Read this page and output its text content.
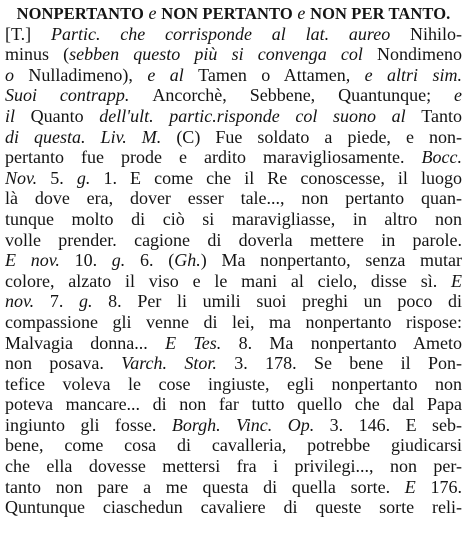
NONPERTANTO e NON PERTANTO e NON PER TANTO.
[T.] Partic. che corrisponde al lat. aureo Nihilo-
minus (sebben questo più si convenga col Nondimeno
o Nulladimeno), e al Tamen o Attamen, e altri sim.
Suoi contrapp. Ancorchè, Sebbene, Quantunque; e
il Quanto dell'ult. partic.risponde col suono al Tanto
di questa. Liv. M. (C) Fue soldato a piede, e non-
pertanto fue prode e ardito maravigliosamente. Bocc.
Nov. 5. g. 1. E come che il Re conoscesse, il luogo
là dove era, dover esser tale..., non pertanto quan-
tunque molto di ciò si maravigliasse, in altro non
volle prender. cagione di doverla mettere in parole.
E nov. 10. g. 6. (Gh.) Ma nonpertanto, senza mutar
colore, alzato il viso e le mani al cielo, disse sì. E
nov. 7. g. 8. Per li umili suoi preghi un poco di
compassione gli venne di lei, ma nonpertanto rispose:
Malvagia donna... E Tes. 8. Ma nonpertanto Ameto
non posava. Varch. Stor. 3. 178. Se bene il Pon-
tefice voleva le cose ingiuste, egli nonpertanto non
poteva mancare... di non far tutto quello che dal Papa
ingiunto gli fosse. Borgh. Vinc. Op. 3. 146. E seb-
bene, come cosa di cavalleria, potrebbe giudicarsi
che ella dovesse mettersi fra i privilegi..., non per-
tanto non pare a me questa di quella sorte. E 176.
Quntunque ciaschedun cavaliere di queste sorte reli-
